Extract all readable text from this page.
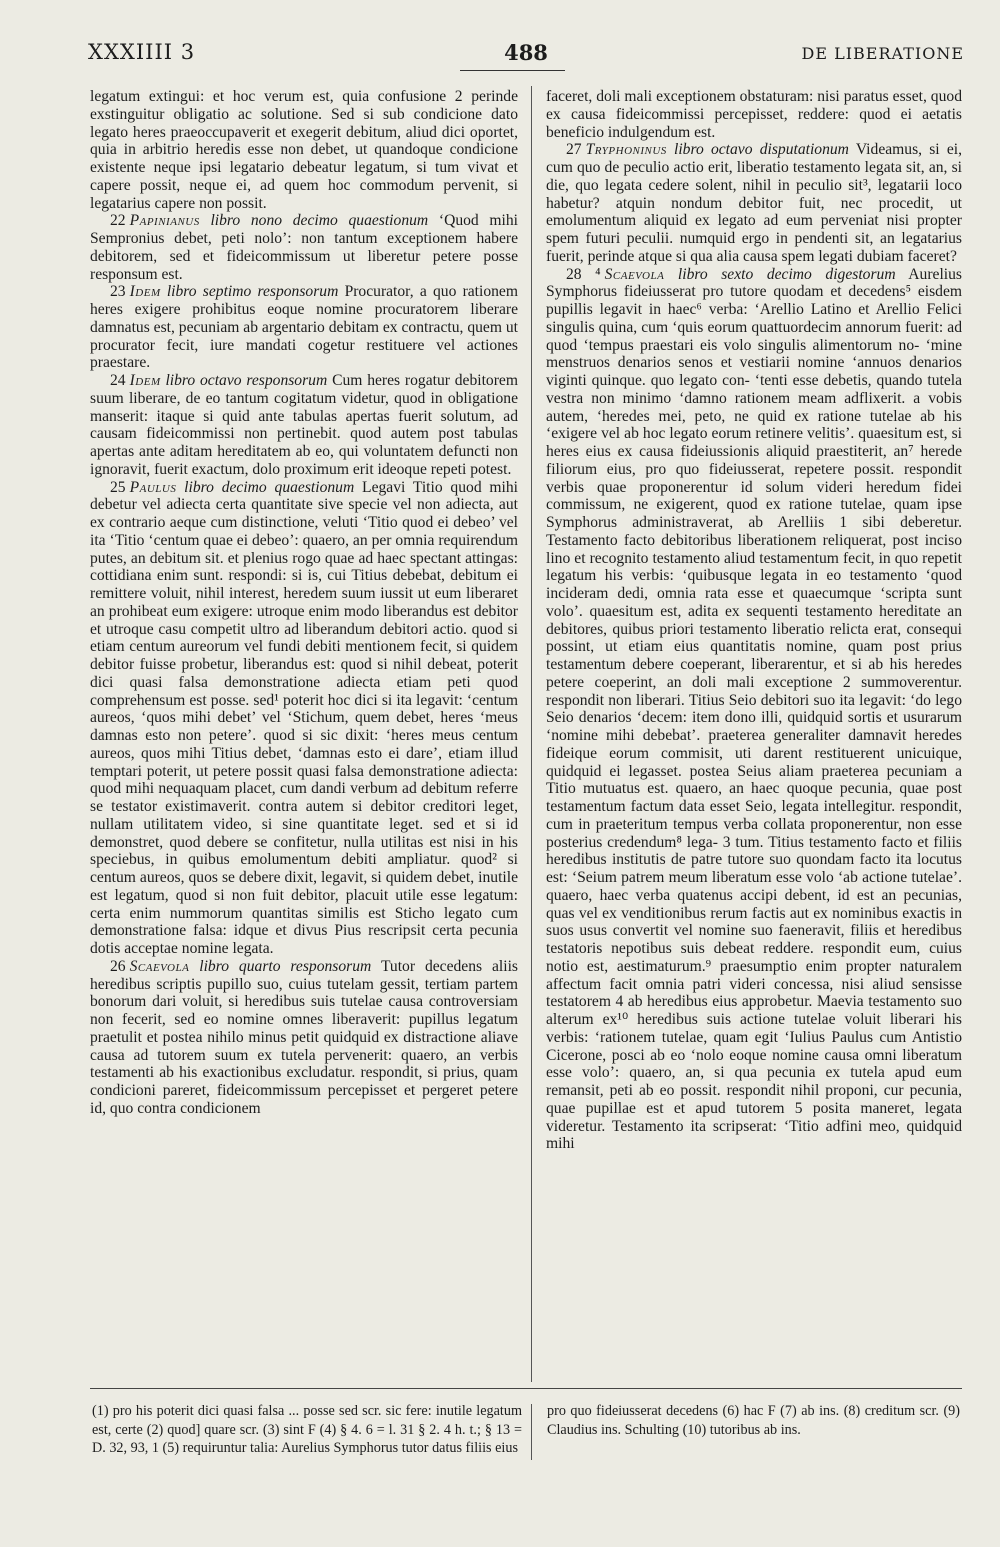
XXXIIII 3	488	DE LIBERATIONE

legatum extingui: et hoc verum est, quia confusione 2 perinde exstinguitur obligatio ac solutione. Sed si sub condicione dato legato heres praeoccupaverit et exegerit debitum, aliud dici oportet, quia in arbitrio heredis esse non debet, ut quandoque condicione existente neque ipsi legatario debeatur legatum, si tum vivat et capere possit, neque ei, ad quem hoc commodum pervenit, si legatarius capere non possit.

22 Papinianus libro nono decimo quaestionum ‘Quod mihi Sempronius debet, peti nolo’: non tantum exceptionem habere debitorem, sed et fideicommissum ut liberetur petere posse responsum est.

23 Idem libro septimo responsorum Procurator, a quo rationem heres exigere prohibitus eoque nomine procuratorem liberare damnatus est, pecuniam ab argentario debitam ex contractu, quem ut procurator fecit, iure mandati cogetur restituere vel actiones praestare.

24 Idem libro octavo responsorum Cum heres rogatur debitorem suum liberare, de eo tantum cogitatum videtur, quod in obligatione manserit: itaque si quid ante tabulas apertas fuerit solutum, ad causam fideicommissi non pertinebit. quod autem post tabulas apertas ante aditam hereditatem ab eo, qui voluntatem defuncti non ignoravit, fuerit exactum, dolo proximum erit ideoque repeti potest.

25 Paulus libro decimo quaestionum Legavi Titio quod mihi debetur vel adiecta certa quantitate sive specie vel non adiecta, aut ex contrario aeque cum distinctione, veluti ‘Titio quod ei debeo’ vel ita ‘Titio ‘centum quae ei debeo’: quaero, an per omnia requirendum putes, an debitum sit. et plenius rogo quae ad haec spectant attingas: cottidiana enim sunt. respondi: si is, cui Titius debebat, debitum ei remittere voluit, nihil interest, heredem suum iussit ut eum liberaret an prohibeat eum exigere: utroque enim modo liberandus est debitor et utroque casu competit ultro ad liberandum debitori actio. quod si etiam centum aureorum vel fundi debiti mentionem fecit, si quidem debitor fuisse probetur, liberandus est: quod si nihil debeat, poterit dici quasi falsa demonstratione adiecta etiam peti quod comprehensum est posse. sed¹ poterit hoc dici si ita legavit: ‘centum aureos, ‘quos mihi debet’ vel ‘Stichum, quem debet, heres ‘meus damnas esto non petere’. quod si sic dixit: ‘heres meus centum aureos, quos mihi Titius debet, ‘damnas esto ei dare’, etiam illud temptari poterit, ut petere possit quasi falsa demonstratione adiecta: quod mihi nequaquam placet, cum dandi verbum ad debitum referre se testator existimaverit. contra autem si debitor creditori leget, nullam utilitatem video, si sine quantitate leget. sed et si id demonstret, quod debere se confitetur, nulla utilitas est nisi in his speciebus, in quibus emolumentum debiti ampliatur. quod² si centum aureos, quos se debere dixit, legavit, si quidem debet, inutile est legatum, quod si non fuit debitor, placuit utile esse legatum: certa enim nummorum quantitas similis est Sticho legato cum demonstratione falsa: idque et divus Pius rescripsit certa pecunia dotis acceptae nomine legata.

26 Scaevola libro quarto responsorum Tutor decedens aliis heredibus scriptis pupillo suo, cuius tutelam gessit, tertiam partem bonorum dari voluit, si heredibus suis tutelae causa controversiam non fecerit, sed eo nomine omnes liberaverit: pupillus legatum praetulit et postea nihilo minus petit quidquid ex distractione aliave causa ad tutorem suum ex tutela pervenerit: quaero, an verbis testamenti ab his exactionibus excludatur. respondit, si prius, quam condicioni pareret, fideicommissum percepisset et pergeret petere id, quo contra condicionem

faceret, doli mali exceptionem obstaturam: nisi paratus esset, quod ex causa fideicommissi percepisset, reddere: quod ei aetatis beneficio indulgendum est.

27 Tryphoninus libro octavo disputationum Videamus, si ei, cum quo de peculio actio erit, liberatio testamento legata sit, an, si die, quo legata cedere solent, nihil in peculio sit³, legatarii loco habetur? atquin nondum debitor fuit, nec procedit, ut emolumentum aliquid ex legato ad eum perveniat nisi propter spem futuri peculii. numquid ergo in pendenti sit, an legatarius fuerit, perinde atque si qua alia causa spem legati dubiam faceret?

28 ⁴ Scaevola libro sexto decimo digestorum Aurelius Symphorus fideiusserat pro tutore quodam et decedens⁵ eisdem pupillis legavit in haec⁶ verba: ‘Arellio Latino et Arellio Felici singulis quina, cum ‘quis eorum quattuordecim annorum fuerit: ad quod ‘tempus praestari eis volo singulis alimentorum no- ‘mine menstruos denarios senos et vestiarii nomine ‘annuos denarios viginti quinque. quo legato con- ‘tenti esse debetis, quando tutela vestra non minimo ‘damno rationem meam adflixerit. a vobis autem, ‘heredes mei, peto, ne quid ex ratione tutelae ab his ‘exigere vel ab hoc legato eorum retinere velitis’. quaesitum est, si heres eius ex causa fideiussionis aliquid praestiterit, an⁷ herede filiorum eius, pro quo fideiusserat, repetere possit. respondit verbis quae proponerentur id solum videri heredum fidei commissum, ne exigerent, quod ex ratione tutelae, quam ipse Symphorus administraverat, ab Arelliis 1 sibi deberetur. Testamento facto debitoribus liberationem reliquerat, post inciso lino et recognito testamento aliud testamentum fecit, in quo repetit legatum his verbis: ‘quibusque legata in eo testamento ‘quod incideram dedi, omnia rata esse et quaecumque ‘scripta sunt volo’. quaesitum est, adita ex sequenti testamento hereditate an debitores, quibus priori testamento liberatio relicta erat, consequi possint, ut etiam eius quantitatis nomine, quam post prius testamentum debere coeperant, liberarentur, et si ab his heredes petere coeperint, an doli mali exceptione 2 summoverentur. respondit non liberari. Titius Seio debitori suo ita legavit: ‘do lego Seio denarios ‘decem: item dono illi, quidquid sortis et usurarum ‘nomine mihi debebat’. praeterea generaliter damnavit heredes fideique eorum commisit, uti darent restituerent unicuique, quidquid ei legasset. postea Seius aliam praeterea pecuniam a Titio mutuatus est. quaero, an haec quoque pecunia, quae post testamentum factum data esset Seio, legata intellegitur. respondit, cum in praeteritum tempus verba collata proponerentur, non esse posterius credendum⁸ lega- 3 tum. Titius testamento facto et filiis heredibus institutis de patre tutore suo quondam facto ita locutus est: ‘Seium patrem meum liberatum esse volo ‘ab actione tutelae’. quaero, haec verba quatenus accipi debent, id est an pecunias, quas vel ex venditionibus rerum factis aut ex nominibus exactis in suos usus convertit vel nomine suo faeneravit, filiis et heredibus testatoris nepotibus suis debeat reddere. respondit eum, cuius notio est, aestimaturum.⁹ praesumptio enim propter naturalem affectum facit omnia patri videri concessa, nisi aliud sensisse testatorem 4 ab heredibus eius approbetur. Maevia testamento suo alterum ex¹⁰ heredibus suis actione tutelae voluit liberari his verbis: ‘rationem tutelae, quam egit ‘Iulius Paulus cum Antistio Cicerone, posci ab eo ‘nolo eoque nomine causa omni liberatum esse volo’: quaero, an, si qua pecunia ex tutela apud eum remansit, peti ab eo possit. respondit nihil proponi, cur pecunia, quae pupillae est et apud tutorem 5 posita maneret, legata videretur. Testamento ita scripserat: ‘Titio adfini meo, quidquid mihi

(1) pro his poterit dici quasi falsa ... posse sed scr. sic fere: inutile legatum est, certe (2) quod] quare scr. (3) sint F (4) § 4. 6 = l. 31 § 2. 4 h. t.; § 13 = D. 32, 93, 1 (5) requiruntur talia: Aurelius Symphorus tutor datus filiis eius
pro quo fideiusserat decedens (6) hac F (7) ab ins. (8) creditum scr. (9) Claudius ins. Schulting (10) tutoribus ab ins.
